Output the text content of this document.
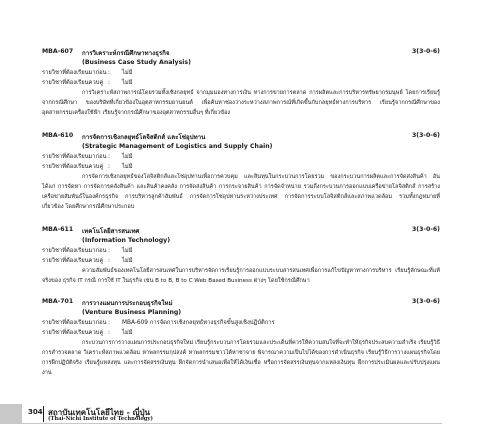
MBA-607 การวิเคราะห์กรณีศึกษาทางธุรกิจ	3(3-0-6)
(Business Case Study Analysis)
รายวิชาที่ต้องเรียนมาก่อน : ไม่มี
รายวิชาที่ต้องเรียนควบคู่ : ไม่มี

การวิเคราะห์สภาพการณ์โดยรวมทั้งเชิงกลยุทธ์ จากมุมมองทางการเงิน ทางการขายการตลาด การผลิตและการบริหารทรัพยากรมนุษย์ โดยการเรียนรู้จากกรณีศึกษา ของบริษัทที่เกี่ยวข้องในอุตสาหกรรมยานยนต์ เพื่อค้นหาช่องว่างระหว่างสภาพการณ์ที่เกิดขึ้นกับกลยุทธ์ทางการบริหาร เรียนรู้จากกรณีศึกษาของอุตสาหกรรมเครื่องใช้ฟ้า เรียนรู้จากกรณีศึกษาของอุตสาหกรรมอื่นๆ ที่เกี่ยวข้อง

MBA-610 การจัดการเชิงกลยุทธ์โลจิสติกส์ และโซ่อุปทาน	3(3-0-6)
(Strategic Management of Logistics and Supply Chain)
รายวิชาที่ต้องเรียนมาก่อน : ไม่มี
รายวิชาที่ต้องเรียนควบคู่ : ไม่มี

การจัดการเชิงกลยุทธ์ของโลจิสติกส์และโซ่อุปทานเพื่อการควบคุม และสินทุนในกระบวนการโดยรวม ของกระบวนการผลิตและการจัดส่งสินค้า อันได้แก่ การจัดหา การจัดการคลังสินค้า และสินค้าคงคลัง การจัดส่งสินค้า การกระจายสินค้า การจัดจำหน่าย รวมถึงกระบวนการออกแบบเครือข่ายโลจิสติกส์ การสร้างเครือข่ายสัมพันธ์ในองค์กรธุรกิจ การบริหารลูกค้าสัมพันธ์ การจัดการโซ่อุปทานระหว่างประเทศ การจัดการระบบโลจิสติกส์และสภาพแวดล้อม รวมทั้งกฎหมายที่เกี่ยวข้อง โดยศึกษากรณีศึกษาประกอบ

MBA-611 เทคโนโลยีสารสนเทศ	3(3-0-6)
(Information Technology)
รายวิชาที่ต้องเรียนมาก่อน : ไม่มี
รายวิชาที่ต้องเรียนควบคู่ : ไม่มี

ความสัมพันธ์ของเทคโนโลยีสารสนเทศในการบริหารจัดการเรียนรู้การออกแบบระบบสารสนเทศเพื่อการแก้ไขปัญหาทางการบริหาร เรียนรู้ลักษณะที่แท้จริงของ ธุรกิจ IT กรณี การใช้ IT ในธุรกิจ เช่น B to B, B to C Web Based Business ต่างๆ โดยใช้กรณีศึกษา

MBA-701 การวางแผนการประกอบธุรกิจใหม่	3(3-0-6)
(Venture Business Planning)
รายวิชาที่ต้องเรียนมาก่อน : MBA-609 การจัดการเชิงกลยุทธ์ทางธุรกิจขั้นสูงเชิงปฏิบัติการ
รายวิชาที่ต้องเรียนควบคู่ : ไม่มี

กระบวนการการวางแผนการประกอบธุรกิจใหม่ เรียนรู้กระบวนการโดยรวมและประเด็นที่ควรให้ความสนใจที่จะทำให้ธุรกิจประสบความสำเร็จ เรียนรู้วิธีการสำรวจตลาด วิเคราะห์สภาพแวดล้อม หาพลกรรมกุปสงค์ หาพลกรรมชาวไต้หาชาจาย พิจารณาความเป็นไปได้ของการดำเนินธุรกิจ เรียนรู้วิธีการวางแผนธุรกิจโดยการฝึกปฏิบัติจริง เรียนรู้แหล่งทุน และการจัดสรรเงินทุน ฝึกจัดการนำเสนอเพื่อให้ได้เงินเชื่อ หรือการจัดสรรเงินทุนจากแหล่งเงินทุน ฝึกการประเมินผลและปรับปรุงแผนงาน

304 สถาบันเทคโนโลยีไทย - ญี่ปุ่น
(Thai-Nichi Institute of Technology)
